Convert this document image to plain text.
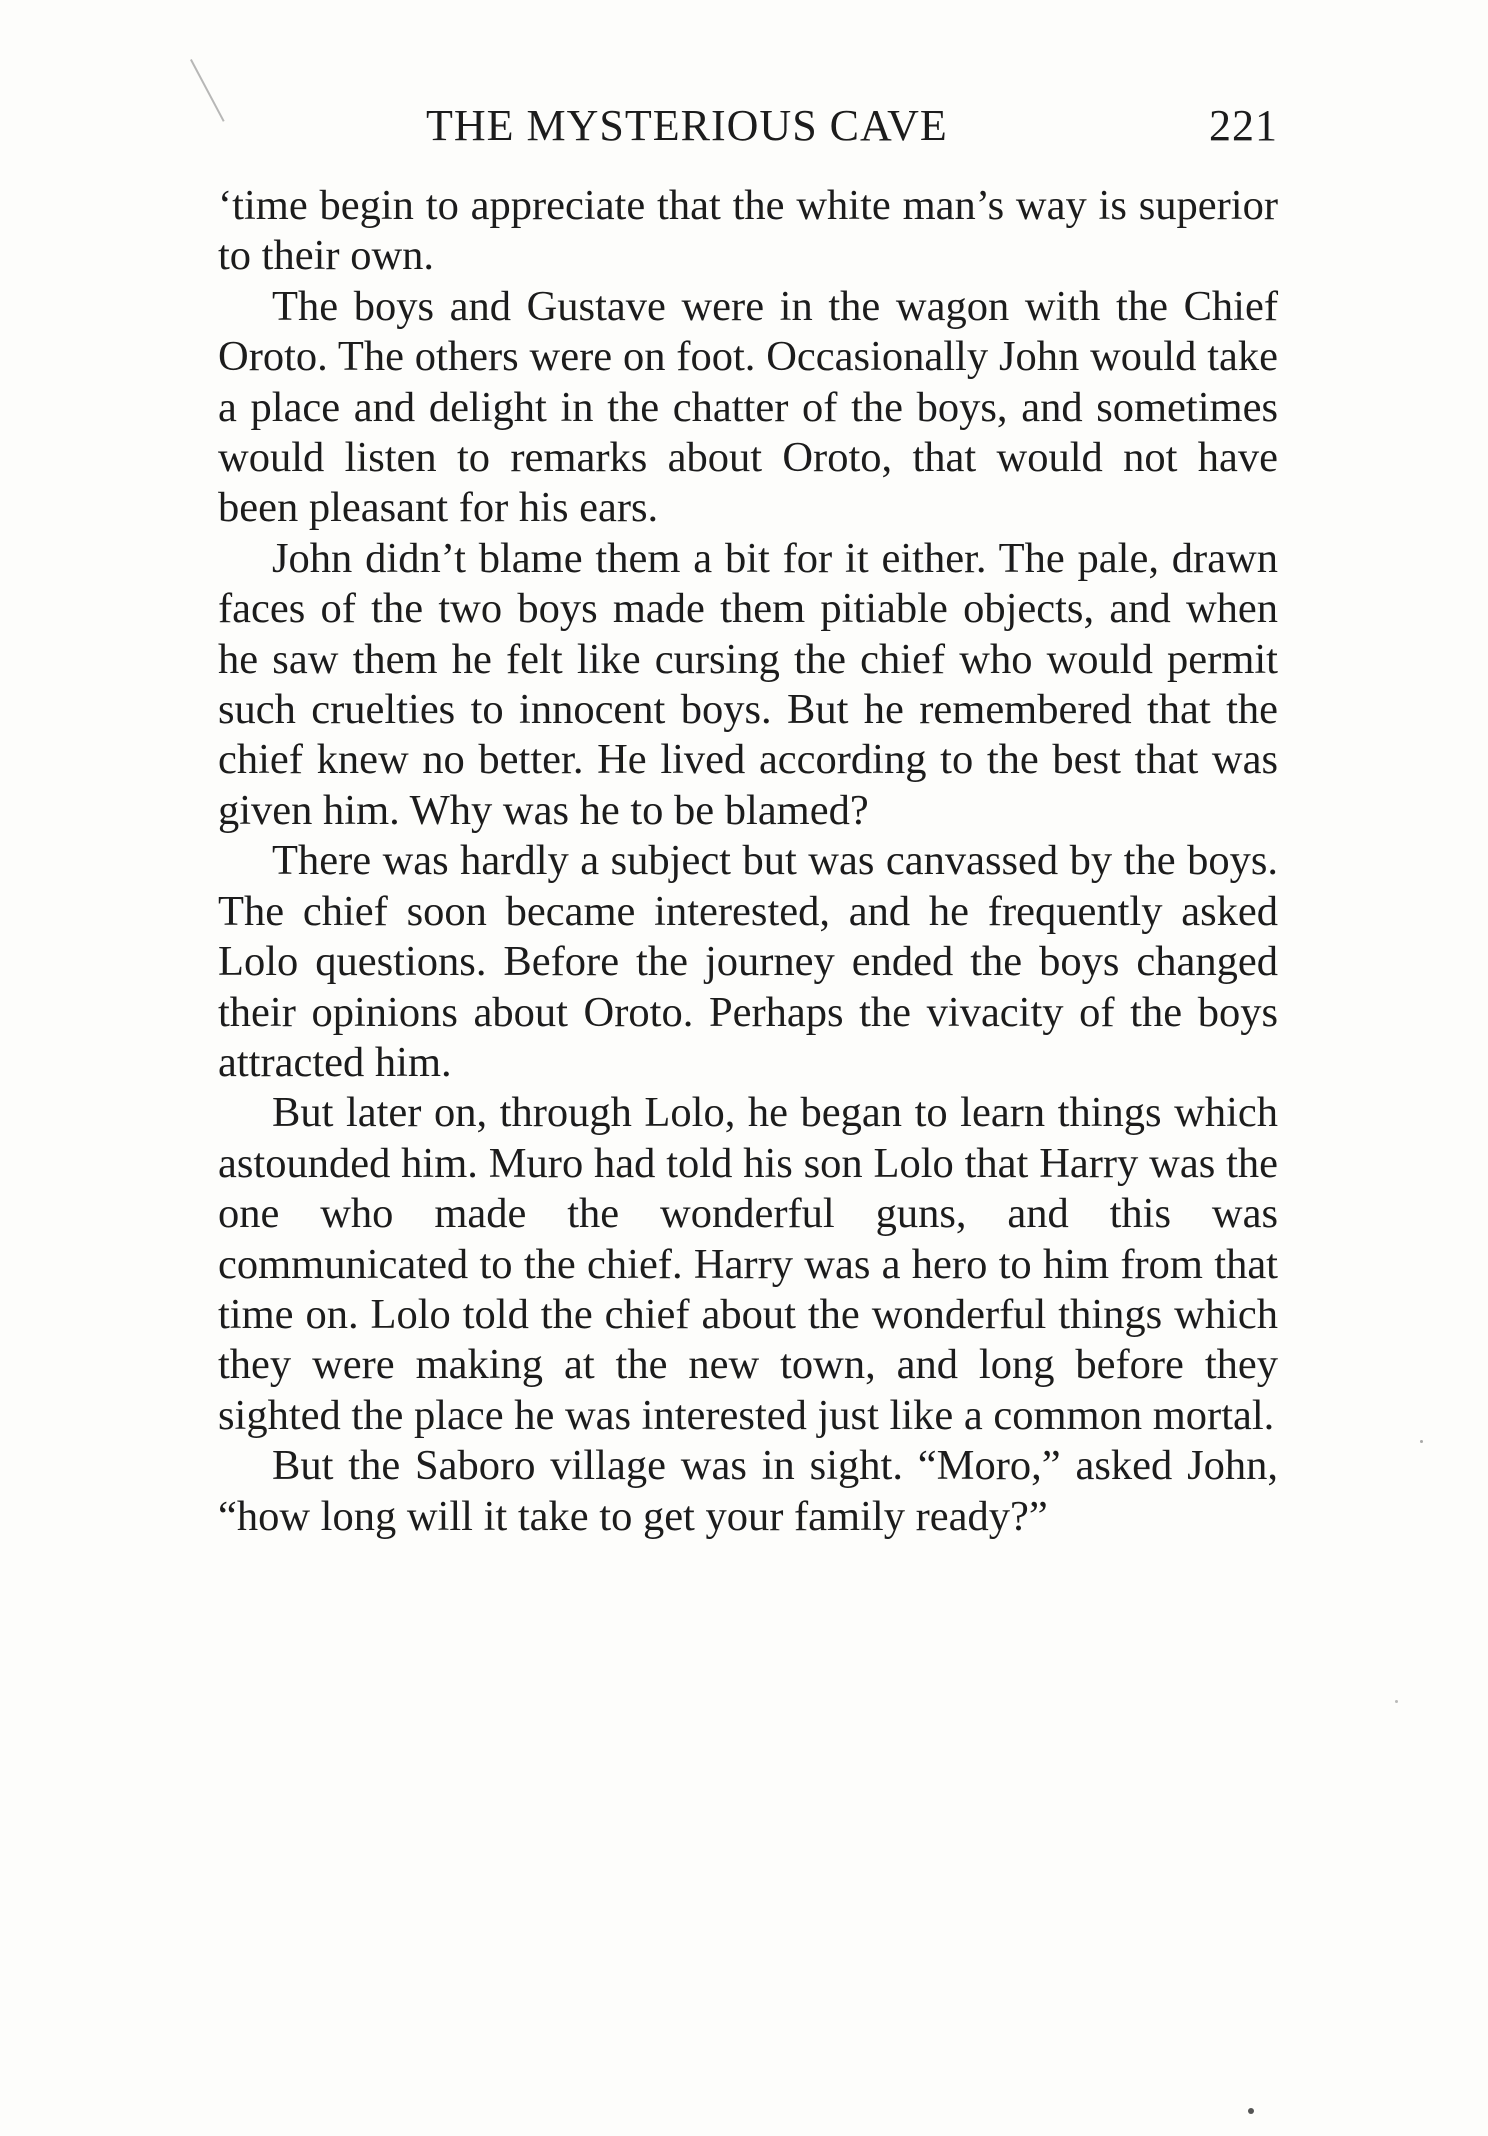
THE MYSTERIOUS CAVE	221

‘time begin to appreciate that the white man’s way is superior to their own.

The boys and Gustave were in the wagon with the Chief Oroto. The others were on foot. Occasionally John would take a place and delight in the chatter of the boys, and sometimes would listen to remarks about Oroto, that would not have been pleasant for his ears.

John didn’t blame them a bit for it either. The pale, drawn faces of the two boys made them pitiable objects, and when he saw them he felt like cursing the chief who would permit such cruelties to innocent boys. But he remembered that the chief knew no better. He lived according to the best that was given him. Why was he to be blamed?

There was hardly a subject but was canvassed by the boys. The chief soon became interested, and he frequently asked Lolo questions. Before the journey ended the boys changed their opinions about Oroto. Perhaps the vivacity of the boys attracted him.

But later on, through Lolo, he began to learn things which astounded him. Muro had told his son Lolo that Harry was the one who made the wonderful guns, and this was communicated to the chief. Harry was a hero to him from that time on. Lolo told the chief about the wonderful things which they were making at the new town, and long before they sighted the place he was interested just like a common mortal.

But the Saboro village was in sight. “Moro,” asked John, “how long will it take to get your family ready?”
